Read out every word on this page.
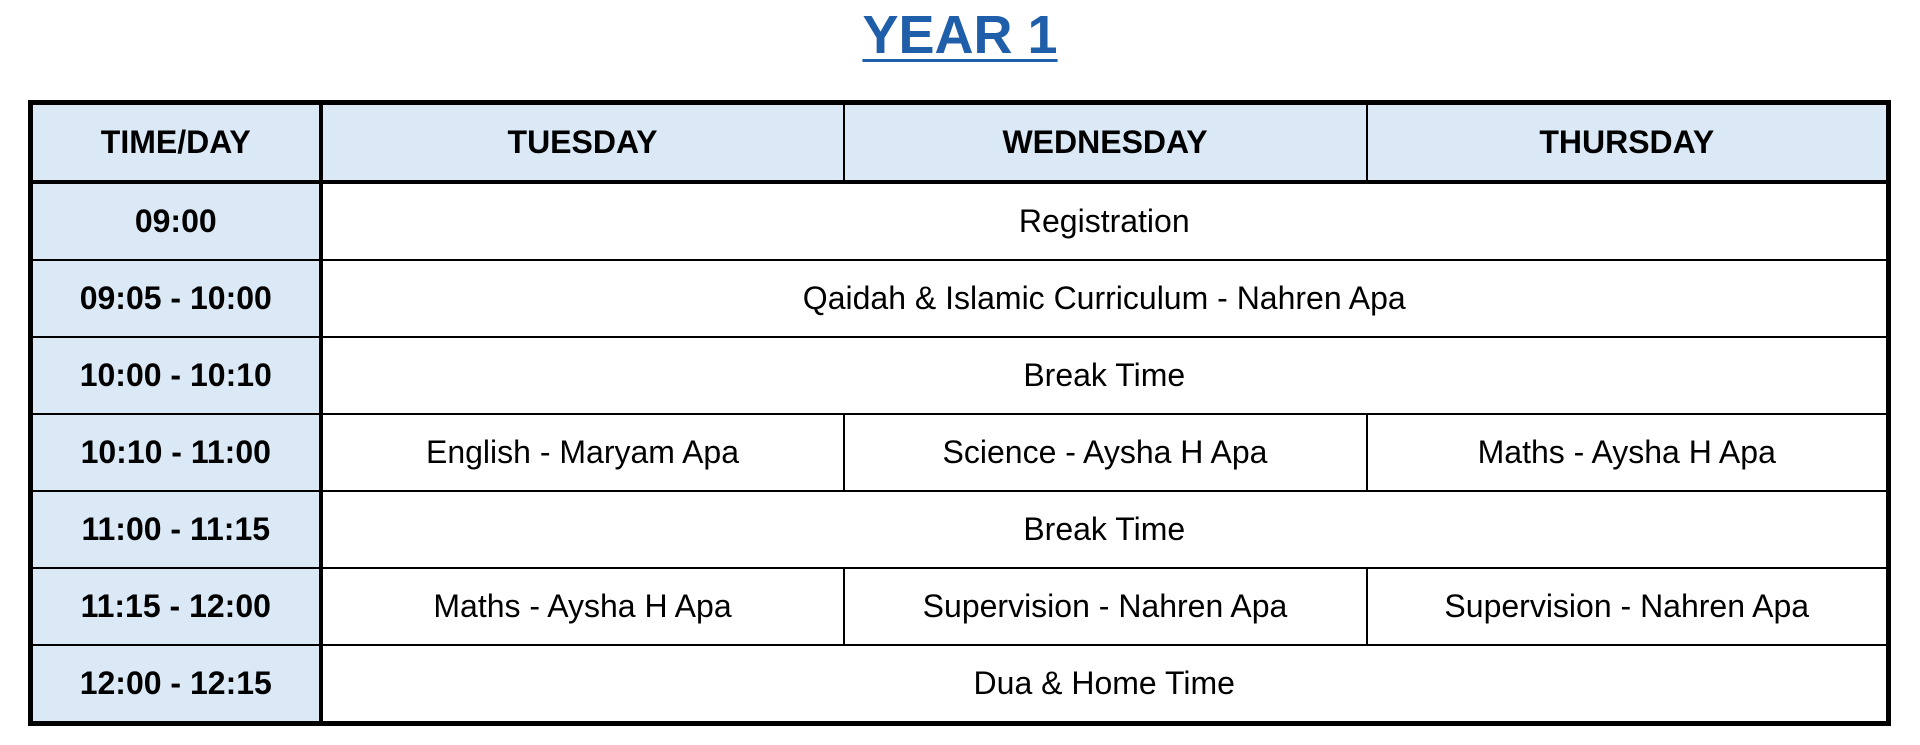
YEAR 1
TIME/DAY	TUESDAY	WEDNESDAY	THURSDAY
09:00	Registration		
09:05 - 10:00	Qaidah & Islamic Curriculum - Nahren Apa		
10:00 - 10:10	Break Time		
10:10 - 11:00	English - Maryam Apa	Science - Aysha H Apa	Maths - Aysha H Apa
11:00 - 11:15	Break Time		
11:15 - 12:00	Maths - Aysha H Apa	Supervision - Nahren Apa	Supervision - Nahren Apa
12:00 - 12:15	Dua & Home Time		
